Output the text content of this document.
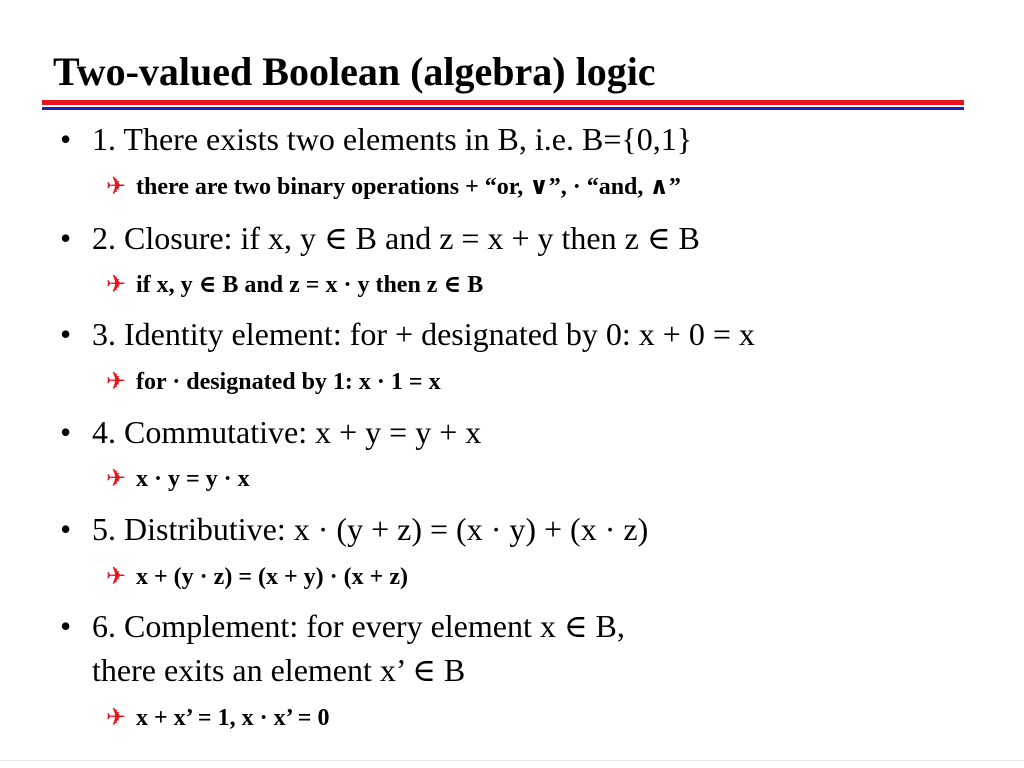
Two-valued Boolean (algebra) logic
• 1. There exists two elements in B, i.e. B={0,1}
✈ there are two binary operations + “or, ∨”, · “and, ∧”
• 2. Closure: if x, y ∈ B and z = x + y then z ∈ B
✈ if x, y ∈ B and z = x · y then z ∈ B
• 3. Identity element: for + designated by 0: x + 0 = x
✈ for · designated by 1: x · 1 = x
• 4. Commutative: x + y = y + x
✈ x · y = y · x
• 5. Distributive: x · (y + z) = (x · y) + (x · z)
✈ x + (y · z) = (x + y) · (x + z)
• 6. Complement: for every element x ∈ B,
there exits an element x’ ∈ B
✈ x + x’ = 1, x · x’ = 0
